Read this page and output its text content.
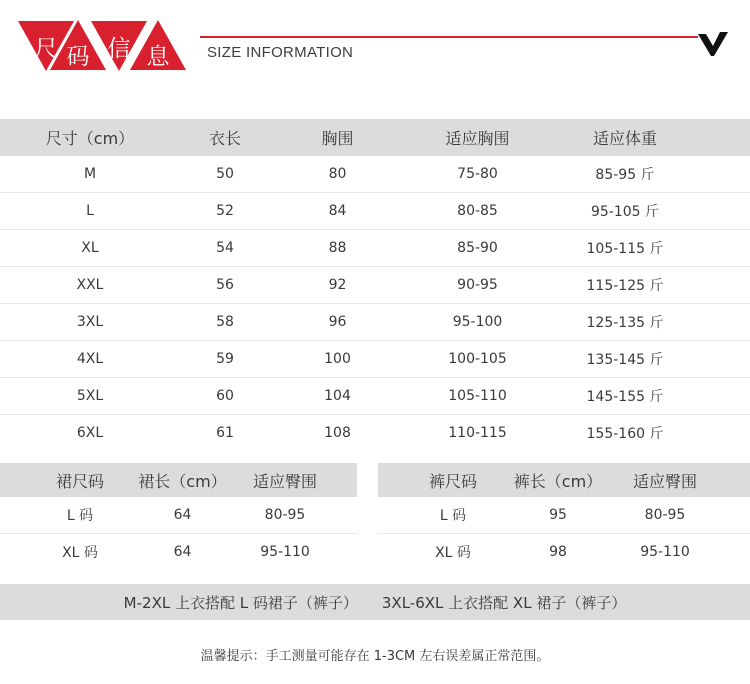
尺 码 信 息	SIZE INFORMATION
尺寸（cm）	衣长	胸围	适应胸围	适应体重
M	50	80	75-80	85-95 斤
L	52	84	80-85	95-105 斤
XL	54	88	85-90	105-115 斤
XXL	56	92	90-95	115-125 斤
3XL	58	96	95-100	125-135 斤
4XL	59	100	100-105	135-145 斤
5XL	60	104	105-110	145-155 斤
6XL	61	108	110-115	155-160 斤
裙尺码	裙长（cm）	适应臀围
L 码	64	80-95
XL 码	64	95-110
裤尺码	裤长（cm）	适应臀围
L 码	95	80-95
XL 码	98	95-110
M-2XL 上衣搭配 L 码裙子（裤子） 3XL-6XL 上衣搭配 XL 裙子（裤子）
温馨提示：手工测量可能存在 1-3CM 左右误差属正常范围。
